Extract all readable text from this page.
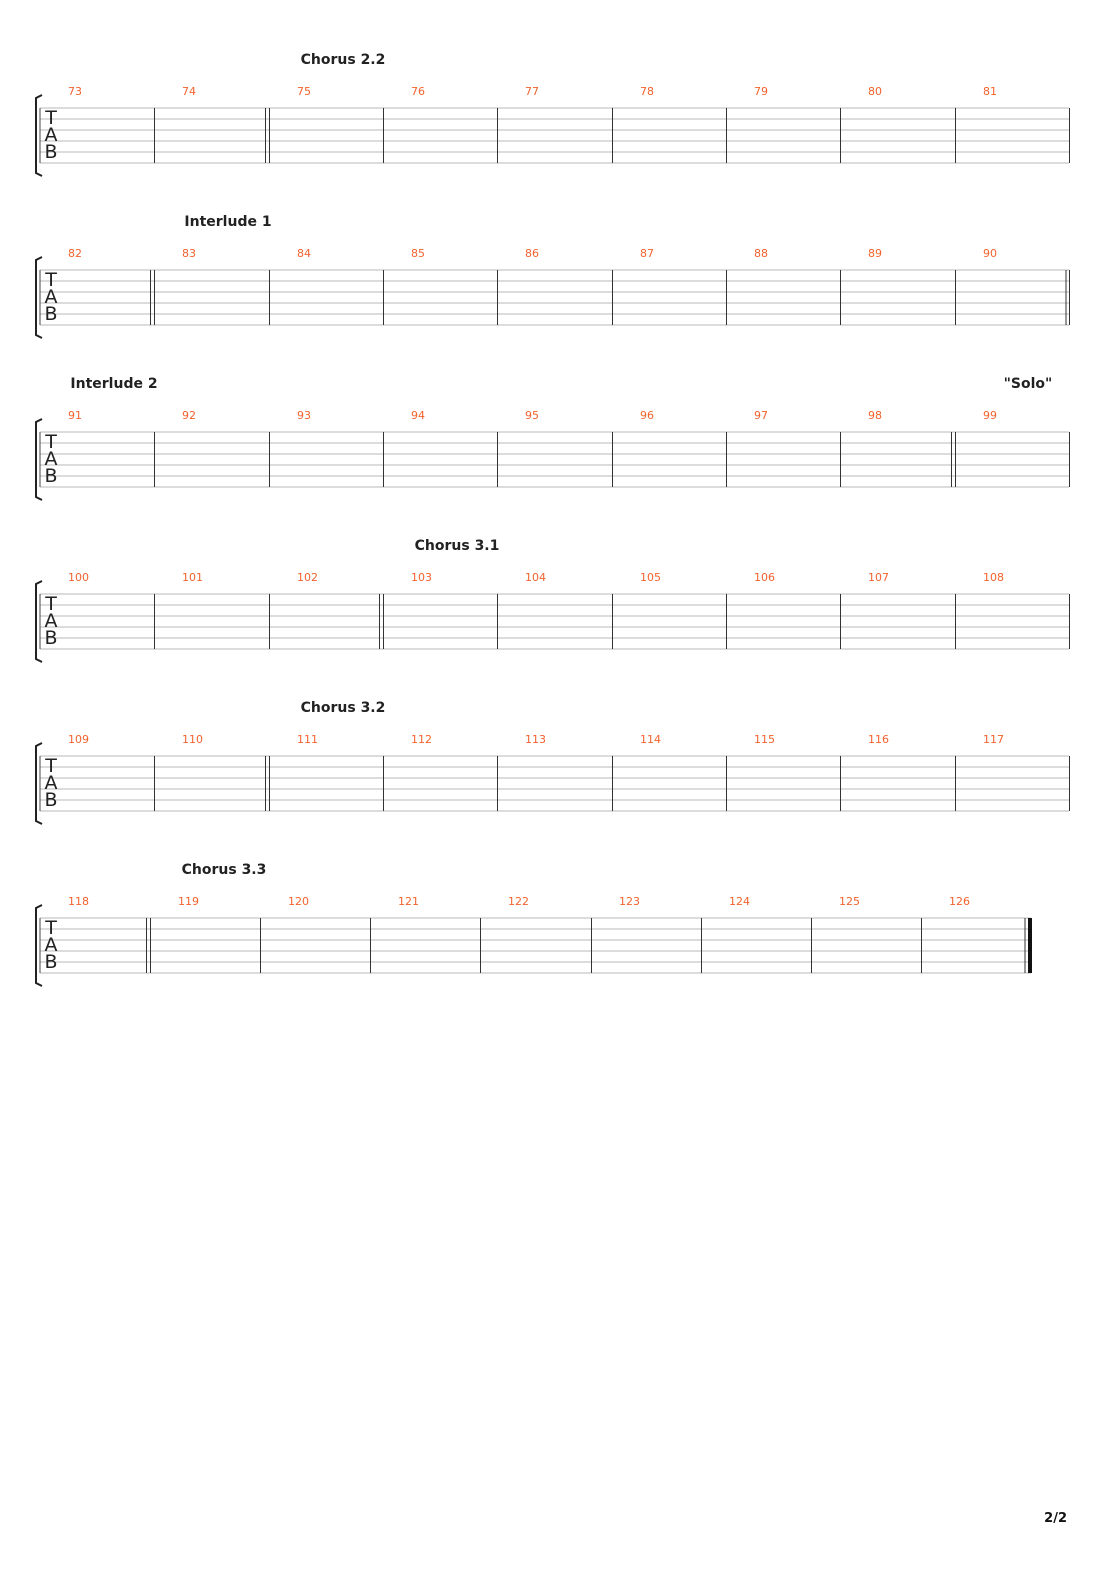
T
A
B
73	74	75	76	77	78	79	80	81
Chorus 2.2
T
A
B
82	83	84	85	86	87	88	89	90
Interlude 1
T
A
B
91	92	93	94	95	96	97	98	99
Interlude 2	"Solo"
T
A
B
100	101	102	103	104	105	106	107	108
Chorus 3.1
T
A
B
109	110	111	112	113	114	115	116	117
Chorus 3.2
T
A
B
118	119	120	121	122	123	124	125	126
Chorus 3.3
2/2
